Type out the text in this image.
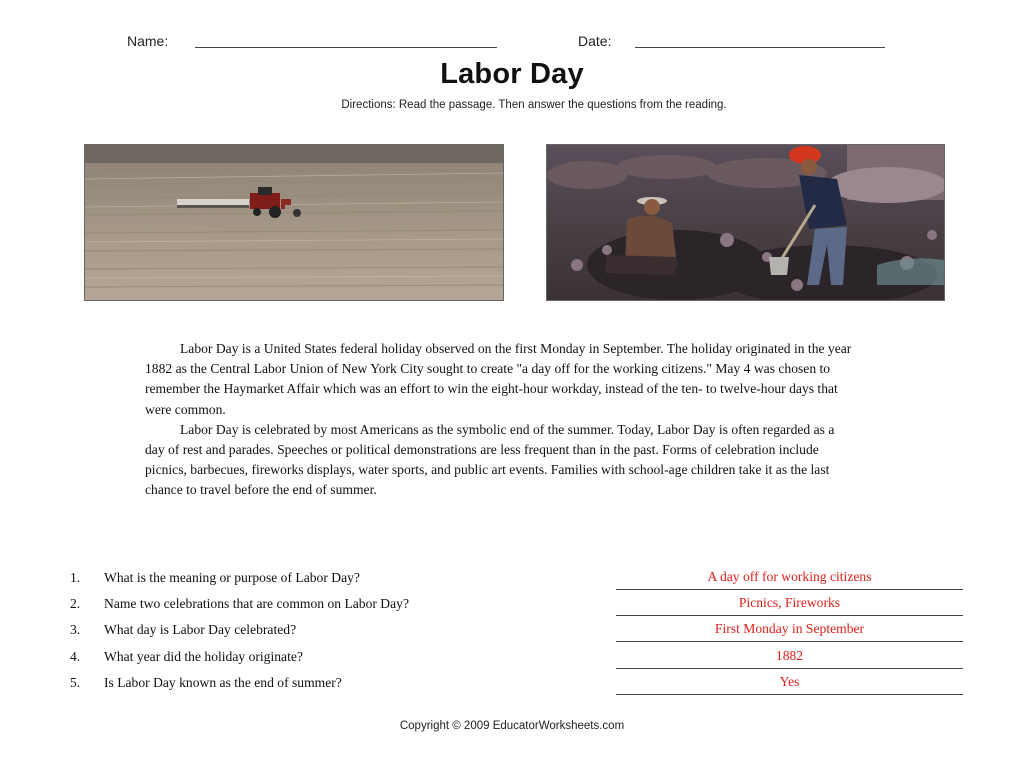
Name:	Date:
Labor Day
Directions: Read the passage. Then answer the questions from the reading.

Labor Day is a United States federal holiday observed on the first Monday in September. The holiday originated in the year 1882 as the Central Labor Union of New York City sought to create "a day off for the working citizens." May 4 was chosen to remember the Haymarket Affair which was an effort to win the eight-hour workday, instead of the ten- to twelve-hour days that were common.

Labor Day is celebrated by most Americans as the symbolic end of the summer. Today, Labor Day is often regarded as a day of rest and parades. Speeches or political demonstrations are less frequent than in the past. Forms of celebration include picnics, barbecues, fireworks displays, water sports, and public art events. Families with school-age children take it as the last chance to travel before the end of summer.

1. What is the meaning or purpose of Labor Day?	A day off for working citizens
2. Name two celebrations that are common on Labor Day?	Picnics, Fireworks
3. What day is Labor Day celebrated?	First Monday in September
4. What year did the holiday originate?	1882
5. Is Labor Day known as the end of summer?	Yes
Copyright © 2009 EducatorWorksheets.com
